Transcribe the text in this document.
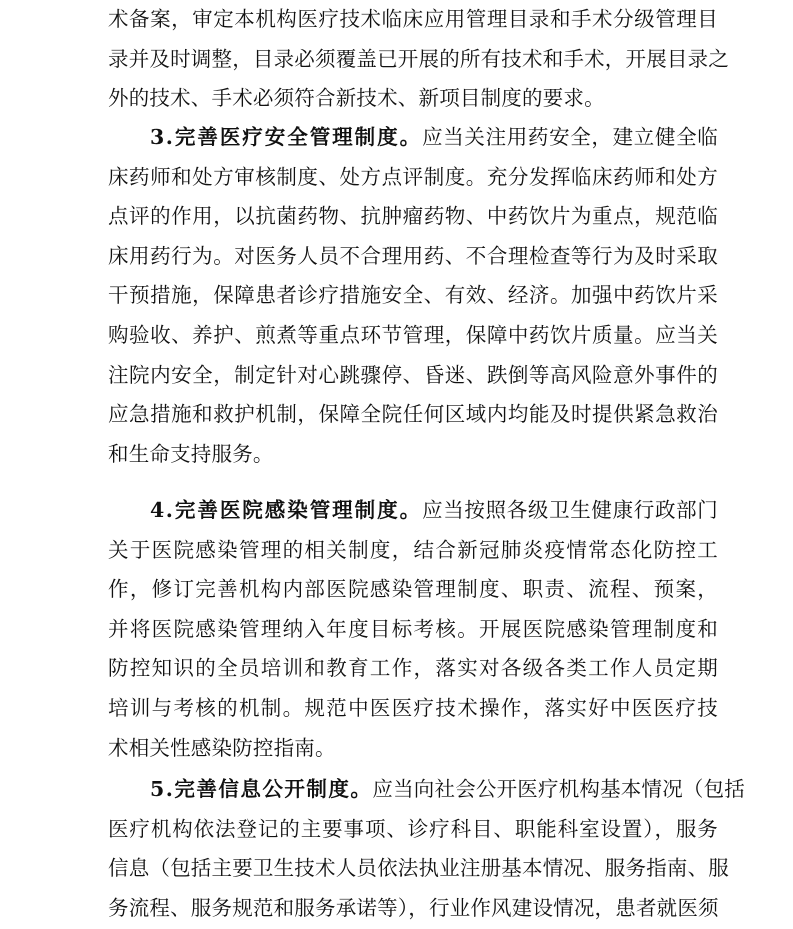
术备案，审定本机构医疗技术临床应用管理目录和手术分级管理目
录并及时调整，目录必须覆盖已开展的所有技术和手术，开展目录之
外的技术、手术必须符合新技术、新项目制度的要求。
3.完善医疗安全管理制度。应当关注用药安全，建立健全临
床药师和处方审核制度、处方点评制度。充分发挥临床药师和处方
点评的作用，以抗菌药物、抗肿瘤药物、中药饮片为重点，规范临
床用药行为。对医务人员不合理用药、不合理检查等行为及时采取
干预措施，保障患者诊疗措施安全、有效、经济。加强中药饮片采
购验收、养护、煎煮等重点环节管理，保障中药饮片质量。应当关
注院内安全，制定针对心跳骤停、昏迷、跌倒等高风险意外事件的
应急措施和救护机制，保障全院任何区域内均能及时提供紧急救治
和生命支持服务。
4.完善医院感染管理制度。应当按照各级卫生健康行政部门
关于医院感染管理的相关制度，结合新冠肺炎疫情常态化防控工
作，修订完善机构内部医院感染管理制度、职责、流程、预案，
并将医院感染管理纳入年度目标考核。开展医院感染管理制度和
防控知识的全员培训和教育工作，落实对各级各类工作人员定期
培训与考核的机制。规范中医医疗技术操作，落实好中医医疗技
术相关性感染防控指南。
5.完善信息公开制度。应当向社会公开医疗机构基本情况（包括
医疗机构依法登记的主要事项、诊疗科目、职能科室设置），服务
信息（包括主要卫生技术人员依法执业注册基本情况、服务指南、服
务流程、服务规范和服务承诺等），行业作风建设情况，患者就医须
